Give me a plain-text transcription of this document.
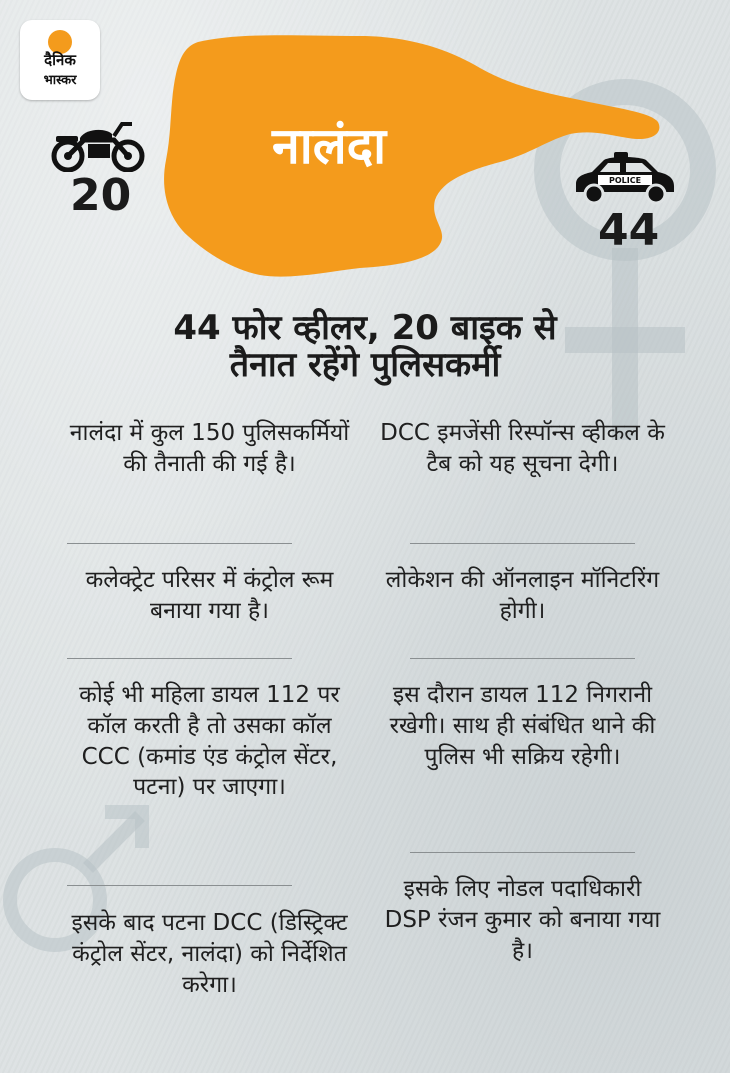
दैनिक
भास्कर
नालंदा
20	POLICE
44
44 फोर व्हीलर, 20 बाइक से
तैनात रहेंगे पुलिसकर्मी
नालंदा में कुल 150 पुलिसकर्मियों की तैनाती की गई है।
कलेक्ट्रेट परिसर में कंट्रोल रूम बनाया गया है।
कोई भी महिला डायल 112 पर कॉल करती है तो उसका कॉल CCC (कमांड एंड कंट्रोल सेंटर, पटना) पर जाएगा।
इसके बाद पटना DCC (डिस्ट्रिक्ट कंट्रोल सेंटर, नालंदा) को निर्देशित करेगा।
DCC इमजेंसी रिस्पॉन्स व्हीकल के टैब को यह सूचना देगी।
लोकेशन की ऑनलाइन मॉनिटरिंग होगी।
इस दौरान डायल 112 निगरानी रखेगी। साथ ही संबंधित थाने की पुलिस भी सक्रिय रहेगी।
इसके लिए नोडल पदाधिकारी DSP रंजन कुमार को बनाया गया है।
